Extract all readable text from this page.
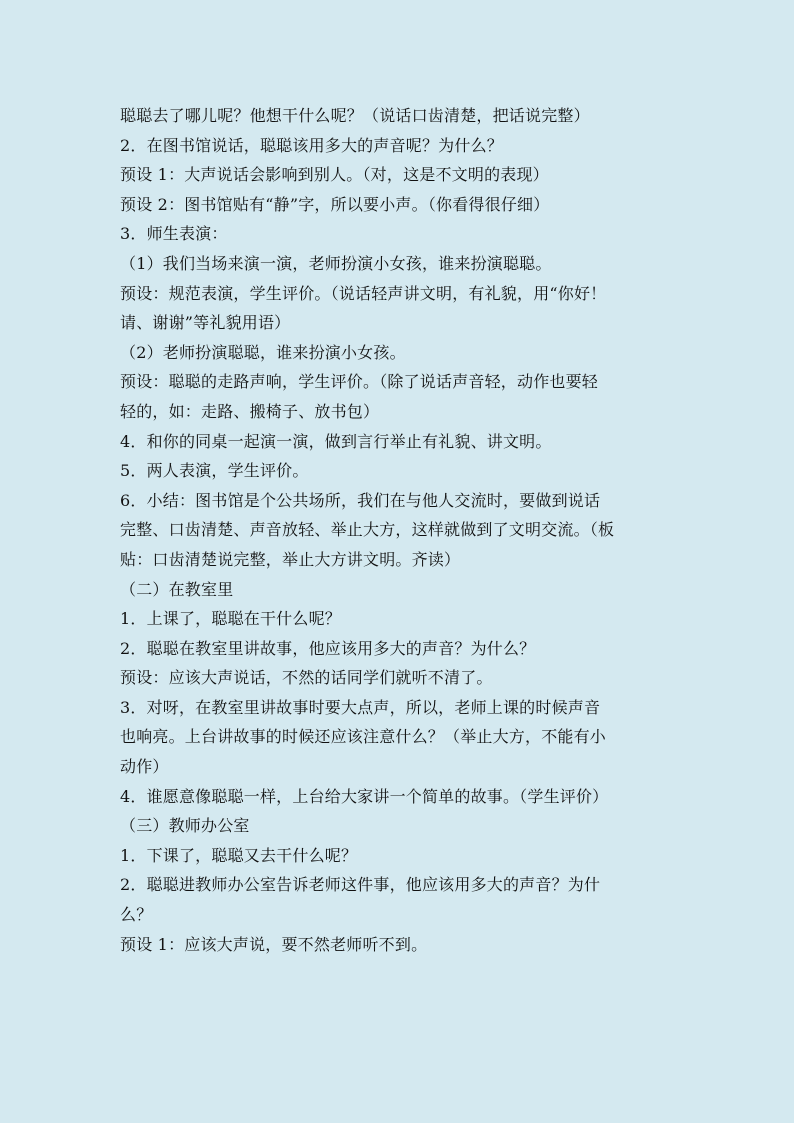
聪聪去了哪儿呢？他想干什么呢？（说话口齿清楚，把话说完整）
2．在图书馆说话，聪聪该用多大的声音呢？为什么？
预设 1：大声说话会影响到别人。（对，这是不文明的表现）
预设 2：图书馆贴有“静”字，所以要小声。（你看得很仔细）
3．师生表演：
（1）我们当场来演一演，老师扮演小女孩，谁来扮演聪聪。
预设：规范表演，学生评价。（说话轻声讲文明，有礼貌，用“你好！
请、谢谢”等礼貌用语）
（2）老师扮演聪聪，谁来扮演小女孩。
预设：聪聪的走路声响，学生评价。（除了说话声音轻，动作也要轻
轻的，如：走路、搬椅子、放书包）
4．和你的同桌一起演一演，做到言行举止有礼貌、讲文明。
5．两人表演，学生评价。
6．小结：图书馆是个公共场所，我们在与他人交流时，要做到说话
完整、口齿清楚、声音放轻、举止大方，这样就做到了文明交流。（板
贴：口齿清楚说完整，举止大方讲文明。齐读）
（二）在教室里
1．上课了，聪聪在干什么呢？
2．聪聪在教室里讲故事，他应该用多大的声音？为什么？
预设：应该大声说话，不然的话同学们就听不清了。
3．对呀，在教室里讲故事时要大点声，所以，老师上课的时候声音
也响亮。上台讲故事的时候还应该注意什么？（举止大方，不能有小
动作）
4．谁愿意像聪聪一样，上台给大家讲一个简单的故事。（学生评价）
（三）教师办公室
1．下课了，聪聪又去干什么呢？
2．聪聪进教师办公室告诉老师这件事，他应该用多大的声音？为什
么？
预设 1：应该大声说，要不然老师听不到。
